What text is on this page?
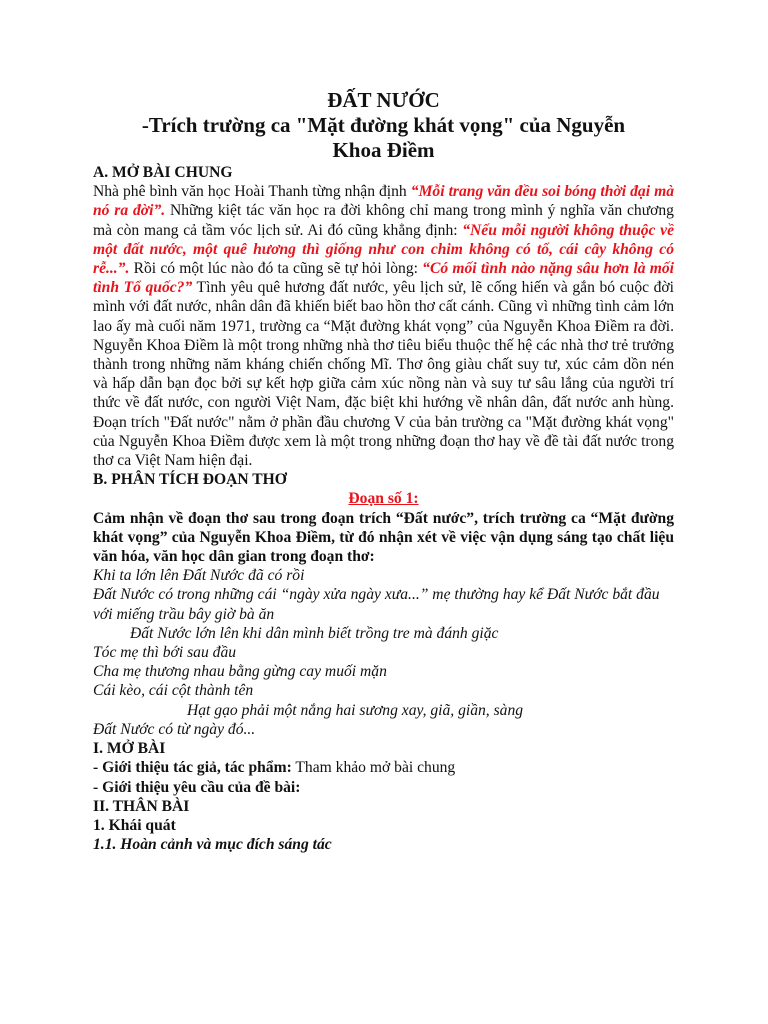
ĐẤT NƯỚC
-Trích trường ca "Mặt đường khát vọng" của Nguyễn
Khoa Điềm

A. MỞ BÀI CHUNG

Nhà phê bình văn học Hoài Thanh từng nhận định “Mỗi trang văn đều soi bóng thời đại mà nó ra đời”. Những kiệt tác văn học ra đời không chỉ mang trong mình ý nghĩa văn chương mà còn mang cả tầm vóc lịch sử. Ai đó cũng khẳng định: “Nếu mỗi người không thuộc về một đất nước, một quê hương thì giống như con chim không có tổ, cái cây không có rễ...”. Rồi có một lúc nào đó ta cũng sẽ tự hỏi lòng: “Có mối tình nào nặng sâu hơn là mối tình Tổ quốc?” Tình yêu quê hương đất nước, yêu lịch sử, lẽ cống hiến và gắn bó cuộc đời mình với đất nước, nhân dân đã khiến biết bao hồn thơ cất cánh. Cũng vì những tình cảm lớn lao ấy mà cuối năm 1971, trường ca “Mặt đường khát vọng” của Nguyễn Khoa Điềm ra đời. Nguyễn Khoa Điềm là một trong những nhà thơ tiêu biểu thuộc thế hệ các nhà thơ trẻ trưởng thành trong những năm kháng chiến chống Mĩ. Thơ ông giàu chất suy tư, xúc cảm dồn nén và hấp dẫn bạn đọc bởi sự kết hợp giữa cảm xúc nồng nàn và suy tư sâu lắng của người trí thức về đất nước, con người Việt Nam, đặc biệt khi hướng về nhân dân, đất nước anh hùng. Đoạn trích "Đất nước" nằm ở phần đầu chương V của bản trường ca "Mặt đường khát vọng" của Nguyễn Khoa Điềm được xem là một trong những đoạn thơ hay về đề tài đất nước trong thơ ca Việt Nam hiện đại.

B. PHÂN TÍCH ĐOẠN THƠ

Đoạn số 1:

Cảm nhận về đoạn thơ sau trong đoạn trích “Đất nước”, trích trường ca “Mặt đường khát vọng” của Nguyễn Khoa Điềm, từ đó nhận xét về việc vận dụng sáng tạo chất liệu văn hóa, văn học dân gian trong đoạn thơ:

Khi ta lớn lên Đất Nước đã có rồi
Đất Nước có trong những cái “ngày xửa ngày xưa...” mẹ thường hay kể Đất Nước bắt đầu với miếng trầu bây giờ bà ăn
Đất Nước lớn lên khi dân mình biết trồng tre mà đánh giặc
Tóc mẹ thì bới sau đầu
Cha mẹ thương nhau bằng gừng cay muối mặn
Cái kèo, cái cột thành tên
Hạt gạo phải một nắng hai sương xay, giã, giần, sàng
Đất Nước có từ ngày đó...

I. MỞ BÀI

- Giới thiệu tác giả, tác phẩm: Tham khảo mở bài chung

- Giới thiệu yêu cầu của đề bài:

II. THÂN BÀI

1. Khái quát

1.1. Hoàn cảnh và mục đích sáng tác
